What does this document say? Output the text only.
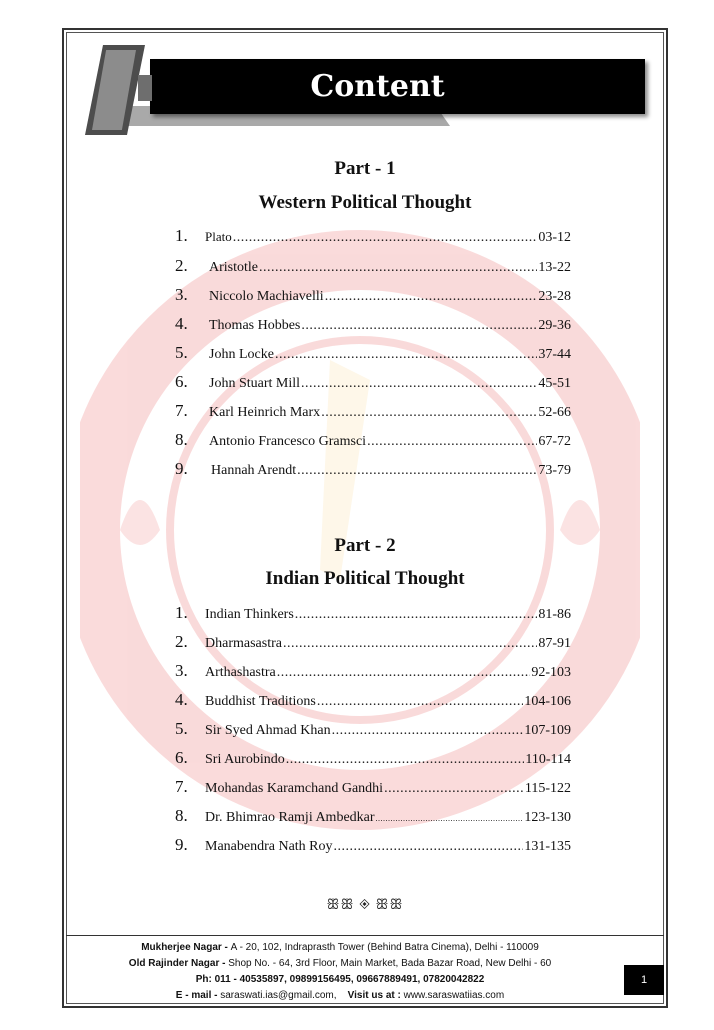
Content
Part - 1
Western Political Thought
1.	Plato .....	03-12
2.	Aristotle .....	13-22
3.	Niccolo Machiavelli .....	23-28
4.	Thomas Hobbes .....	29-36
5.	John Locke .....	37-44
6.	John Stuart Mill .....	45-51
7.	Karl Heinrich Marx .....	52-66
8.	Antonio Francesco Gramsci .....	67-72
9.	Hannah Arendt .....	73-79
Part - 2
Indian Political Thought
1.	Indian Thinkers .....	81-86
2.	Dharmasastra .....	87-91
3.	Arthashastra .....	92-103
4.	Buddhist Traditions .....	104-106
5.	Sir Syed Ahmad Khan .....	107-109
6.	Sri Aurobindo .....	110-114
7.	Mohandas Karamchand Gandhi .....	115-122
8.	Dr. Bhimrao Ramji Ambedkar .....	123-130
9.	Manabendra Nath Roy .....	131-135
ꕥꕥ ◈ ꕥꕥ
Mukherjee Nagar - A - 20, 102, Indraprasth Tower (Behind Batra Cinema), Delhi - 110009
Old Rajinder Nagar - Shop No. - 64, 3rd Floor, Main Market, Bada Bazar Road, New Delhi - 60
Ph: 011 - 40535897, 09899156495, 09667889491, 07820042822
E - mail - saraswati.ias@gmail.com, Visit us at : www.saraswatiias.com
1
